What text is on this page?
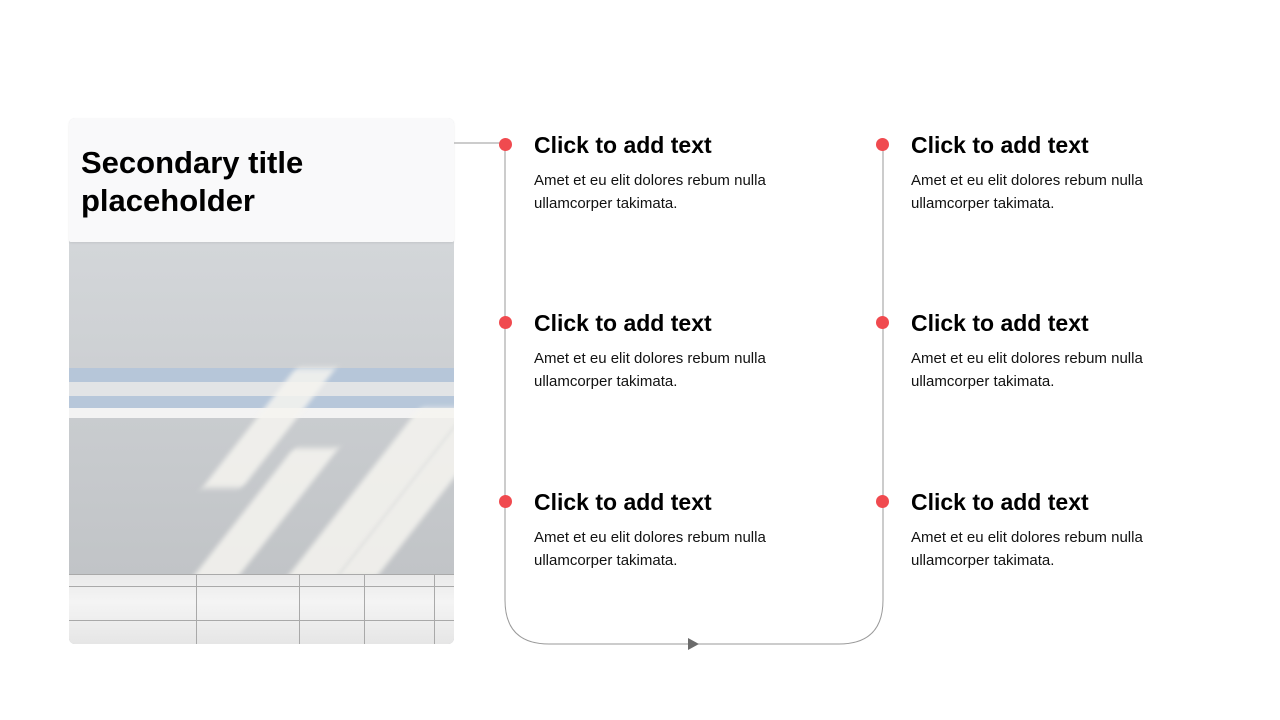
Secondary title placeholder

Click to add text

Amet et eu elit dolores rebum nulla ullamcorper takimata.

Click to add text

Amet et eu elit dolores rebum nulla ullamcorper takimata.

Click to add text

Amet et eu elit dolores rebum nulla ullamcorper takimata.

Click to add text

Amet et eu elit dolores rebum nulla ullamcorper takimata.

Click to add text

Amet et eu elit dolores rebum nulla ullamcorper takimata.

Click to add text

Amet et eu elit dolores rebum nulla ullamcorper takimata.
